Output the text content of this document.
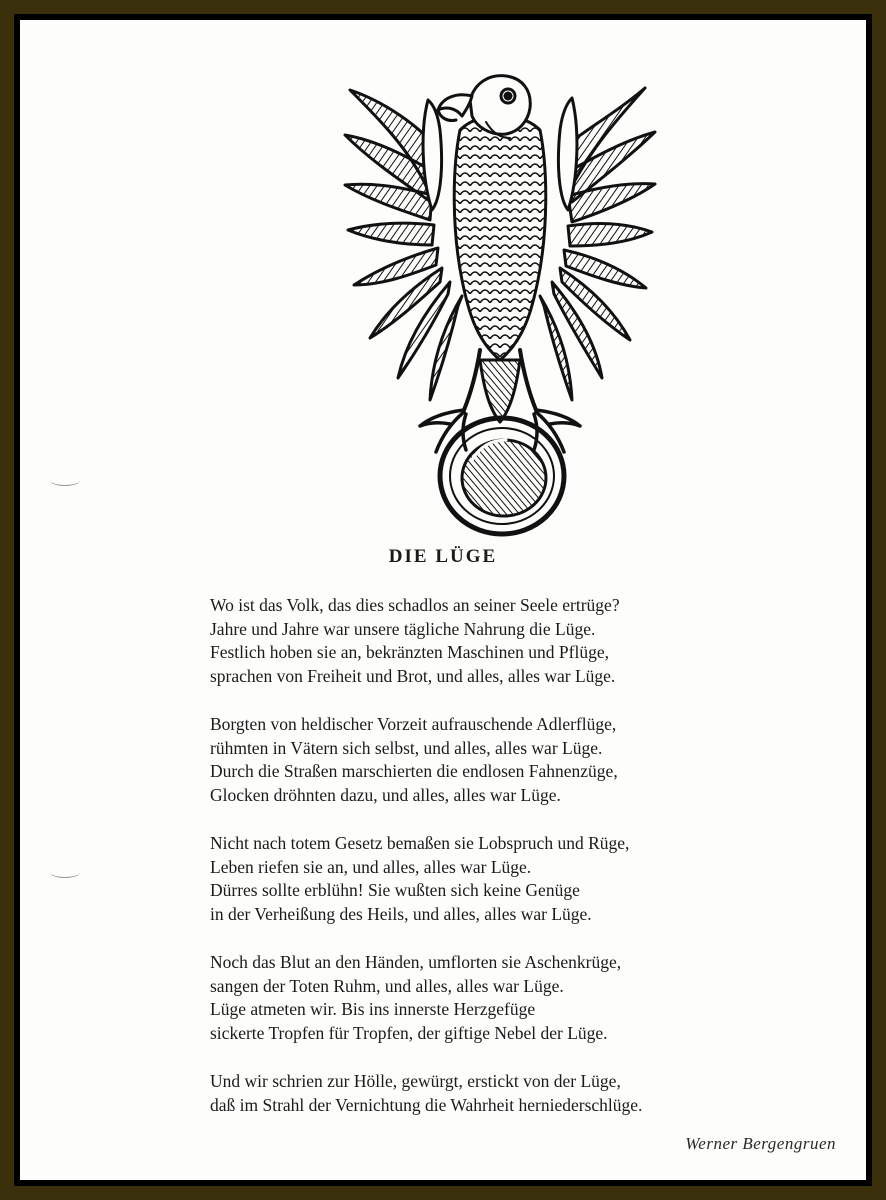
DIE LÜGE
Wo ist das Volk, das dies schadlos an seiner Seele ertrüge?
Jahre und Jahre war unsere tägliche Nahrung die Lüge.
Festlich hoben sie an, bekränzten Maschinen und Pflüge,
sprachen von Freiheit und Brot, und alles, alles war Lüge.
Borgten von heldischer Vorzeit aufrauschende Adlerflüge,
rühmten in Vätern sich selbst, und alles, alles war Lüge.
Durch die Straßen marschierten die endlosen Fahnenzüge,
Glocken dröhnten dazu, und alles, alles war Lüge.
Nicht nach totem Gesetz bemaßen sie Lobspruch und Rüge,
Leben riefen sie an, und alles, alles war Lüge.
Dürres sollte erblühn! Sie wußten sich keine Genüge
in der Verheißung des Heils, und alles, alles war Lüge.
Noch das Blut an den Händen, umflorten sie Aschenkrüge,
sangen der Toten Ruhm, und alles, alles war Lüge.
Lüge atmeten wir. Bis ins innerste Herzgefüge
sickerte Tropfen für Tropfen, der giftige Nebel der Lüge.
Und wir schrien zur Hölle, gewürgt, erstickt von der Lüge,
daß im Strahl der Vernichtung die Wahrheit herniederschlüge.
Werner Bergengruen
